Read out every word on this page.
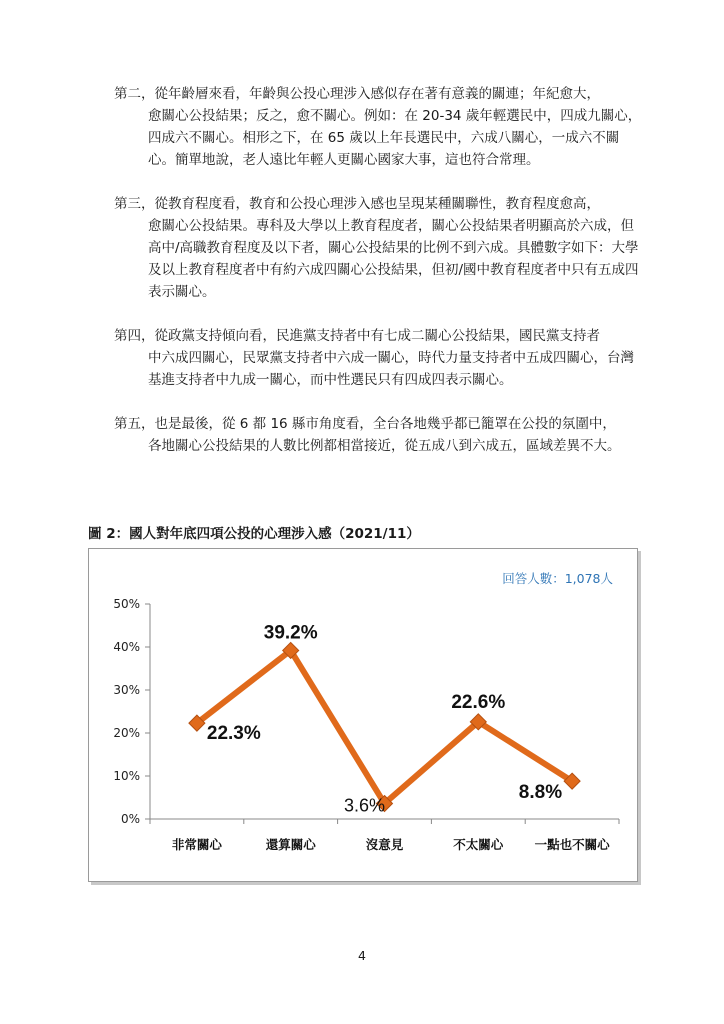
第二，從年齡層來看，年齡與公投心理涉入感似存在著有意義的關連；年紀愈大，
愈關心公投結果；反之，愈不關心。例如：在 20-34 歲年輕選民中，四成九關心，四成六不關心。相形之下，在 65 歲以上年長選民中，六成八關心，一成六不關心。簡單地說，老人遠比年輕人更關心國家大事，這也符合常理。
第三，從教育程度看，教育和公投心理涉入感也呈現某種關聯性，教育程度愈高，
愈關心公投結果。專科及大學以上教育程度者，關心公投結果者明顯高於六成，但高中/高職教育程度及以下者，關心公投結果的比例不到六成。具體數字如下：大學及以上教育程度者中有約六成四關心公投結果，但初/國中教育程度者中只有五成四表示關心。
第四，從政黨支持傾向看，民進黨支持者中有七成二關心公投結果，國民黨支持者
中六成四關心，民眾黨支持者中六成一關心，時代力量支持者中五成四關心，台灣基進支持者中九成一關心，而中性選民只有四成四表示關心。
第五，也是最後，從 6 都 16 縣市角度看，全台各地幾乎都已籠罩在公投的氛圍中，
各地關心公投結果的人數比例都相當接近，從五成八到六成五，區域差異不大。
圖 2：國人對年底四項公投的心理涉入感（2021/11）
0%
10%
20%
30%
40%
50%
非常關心	還算關心	沒意見	不太關心	一點也不關心
22.3%
39.2%
3.6%
22.6%
8.8%
回答人數：1,078人
4
